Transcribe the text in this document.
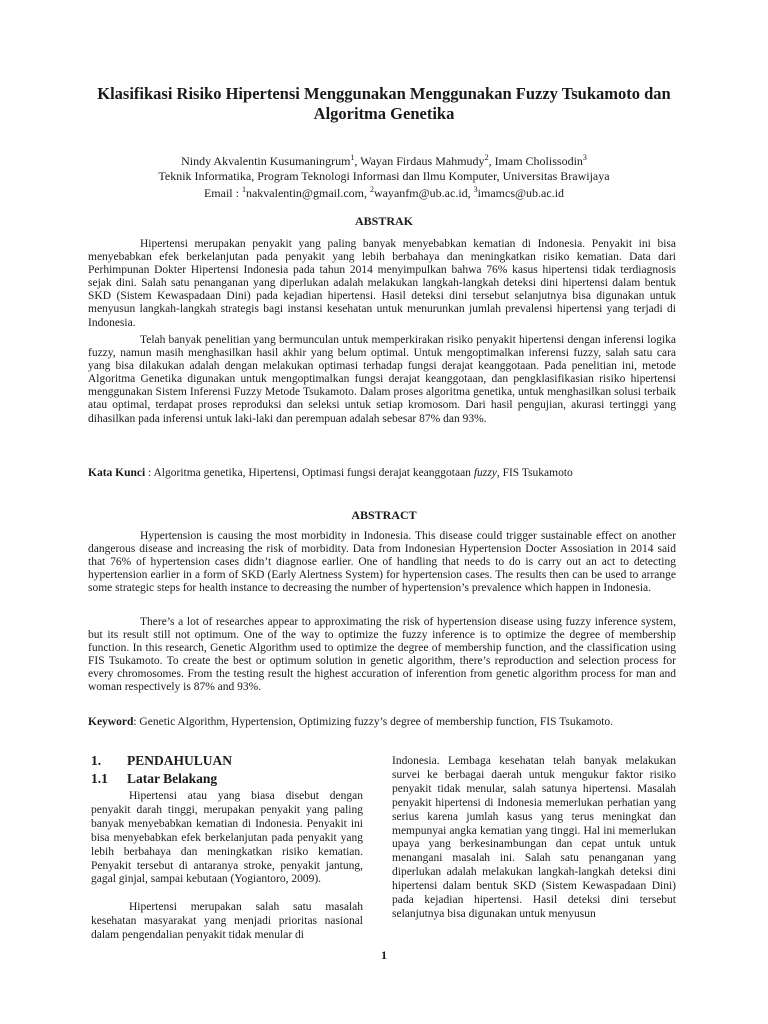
Klasifikasi Risiko Hipertensi Menggunakan Menggunakan Fuzzy Tsukamoto dan Algoritma Genetika
Nindy Akvalentin Kusumaningrum$^1$, Wayan Firdaus Mahmudy$^2$, Imam Cholissodin$^3$
Teknik Informatika, Program Teknologi Informasi dan Ilmu Komputer, Universitas Brawijaya
Email : $^1$nakvalentin@gmail.com, $^2$wayanfm@ub.ac.id, $^3$imamcs@ub.ac.id
ABSTRAK
Hipertensi merupakan penyakit yang paling banyak menyebabkan kematian di Indonesia. Penyakit ini bisa menyebabkan efek berkelanjutan pada penyakit yang lebih berbahaya dan meningkatkan risiko kematian. Data dari Perhimpunan Dokter Hipertensi Indonesia pada tahun 2014 menyimpulkan bahwa 76% kasus hipertensi tidak terdiagnosis sejak dini. Salah satu penanganan yang diperlukan adalah melakukan langkah-langkah deteksi dini hipertensi dalam bentuk SKD (Sistem Kewaspadaan Dini) pada kejadian hipertensi. Hasil deteksi dini tersebut selanjutnya bisa digunakan untuk menyusun langkah-langkah strategis bagi instansi kesehatan untuk menurunkan jumlah prevalensi hipertensi yang terjadi di Indonesia.
Telah banyak penelitian yang bermunculan untuk memperkirakan risiko penyakit hipertensi dengan inferensi logika fuzzy, namun masih menghasilkan hasil akhir yang belum optimal. Untuk mengoptimalkan inferensi fuzzy, salah satu cara yang bisa dilakukan adalah dengan melakukan optimasi terhadap fungsi derajat keanggotaan. Pada penelitian ini, metode Algoritma Genetika digunakan untuk mengoptimalkan fungsi derajat keanggotaan, dan pengklasifikasian risiko hipertensi menggunakan Sistem Inferensi Fuzzy Metode Tsukamoto. Dalam proses algoritma genetika, untuk menghasilkan solusi terbaik atau optimal, terdapat proses reproduksi dan seleksi untuk setiap kromosom. Dari hasil pengujian, akurasi tertinggi yang dihasilkan pada inferensi untuk laki-laki dan perempuan adalah sebesar 87% dan 93%.
Kata Kunci : Algoritma genetika, Hipertensi, Optimasi fungsi derajat keanggotaan fuzzy, FIS Tsukamoto
ABSTRACT
Hypertension is causing the most morbidity in Indonesia. This disease could trigger sustainable effect on another dangerous disease and increasing the risk of morbidity. Data from Indonesian Hypertension Docter Assosiation in 2014 said that 76% of hypertension cases didn’t diagnose earlier. One of handling that needs to do is carry out an act to detecting hypertension earlier in a form of SKD (Early Alertness System) for hypertension cases. The results then can be used to arrange some strategic steps for health instance to decreasing the number of hypertension’s prevalence which happen in Indonesia.
There’s a lot of researches appear to approximating the risk of hypertension disease using fuzzy inference system, but its result still not optimum. One of the way to optimize the fuzzy inference is to optimize the degree of membership function. In this research, Genetic Algorithm used to optimize the degree of membership function, and the classification using FIS Tsukamoto. To create the best or optimum solution in genetic algorithm, there’s reproduction and selection process for every chromosomes. From the testing result the highest accuration of inferention from genetic algorithm process for man and woman respectively is 87% and 93%.
Keyword: Genetic Algorithm, Hypertension, Optimizing fuzzy’s degree of membership function, FIS Tsukamoto.
1. PENDAHULUAN
1.1 Latar Belakang
Hipertensi atau yang biasa disebut dengan penyakit darah tinggi, merupakan penyakit yang paling banyak menyebabkan kematian di Indonesia. Penyakit ini bisa menyebabkan efek berkelanjutan pada penyakit yang lebih berbahaya dan meningkatkan risiko kematian. Penyakit tersebut di antaranya stroke, penyakit jantung, gagal ginjal, sampai kebutaan (Yogiantoro, 2009).
Hipertensi merupakan salah satu masalah kesehatan masyarakat yang menjadi prioritas nasional dalam pengendalian penyakit tidak menular di
Indonesia. Lembaga kesehatan telah banyak melakukan survei ke berbagai daerah untuk mengukur faktor risiko penyakit tidak menular, salah satunya hipertensi. Masalah penyakit hipertensi di Indonesia memerlukan perhatian yang serius karena jumlah kasus yang terus meningkat dan mempunyai angka kematian yang tinggi. Hal ini memerlukan upaya yang berkesinambungan dan cepat untuk untuk menangani masalah ini. Salah satu penanganan yang diperlukan adalah melakukan langkah-langkah deteksi dini hipertensi dalam bentuk SKD (Sistem Kewaspadaan Dini) pada kejadian hipertensi. Hasil deteksi dini tersebut selanjutnya bisa digunakan untuk menyusun
1
